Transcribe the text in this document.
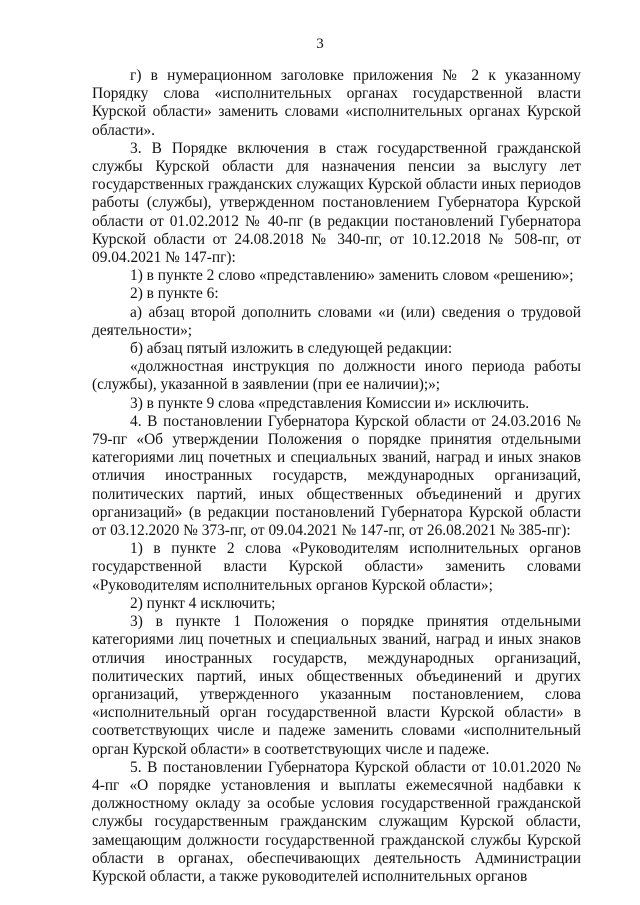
3

г) в нумерационном заголовке приложения № 2 к указанному Порядку слова «исполнительных органах государственной власти Курской области» заменить словами «исполнительных органах Курской области».

3. В Порядке включения в стаж государственной гражданской службы Курской области для назначения пенсии за выслугу лет государственных гражданских служащих Курской области иных периодов работы (службы), утвержденном постановлением Губернатора Курской области от 01.02.2012 № 40-пг (в редакции постановлений Губернатора Курской области от 24.08.2018 № 340-пг, от 10.12.2018 № 508-пг, от 09.04.2021 № 147-пг):

1) в пункте 2 слово «представлению» заменить словом «решению»;

2) в пункте 6:

а) абзац второй дополнить словами «и (или) сведения о трудовой деятельности»;

б) абзац пятый изложить в следующей редакции:

«должностная инструкция по должности иного периода работы (службы), указанной в заявлении (при ее наличии);»;

3) в пункте 9 слова «представления Комиссии и» исключить.

4. В постановлении Губернатора Курской области от 24.03.2016 № 79-пг «Об утверждении Положения о порядке принятия отдельными категориями лиц почетных и специальных званий, наград и иных знаков отличия иностранных государств, международных организаций, политических партий, иных общественных объединений и других организаций» (в редакции постановлений Губернатора Курской области от 03.12.2020 № 373-пг, от 09.04.2021 № 147-пг, от 26.08.2021 № 385-пг):

1) в пункте 2 слова «Руководителям исполнительных органов государственной власти Курской области» заменить словами «Руководителям исполнительных органов Курской области»;

2) пункт 4 исключить;

3) в пункте 1 Положения о порядке принятия отдельными категориями лиц почетных и специальных званий, наград и иных знаков отличия иностранных государств, международных организаций, политических партий, иных общественных объединений и других организаций, утвержденного указанным постановлением, слова «исполнительный орган государственной власти Курской области» в соответствующих числе и падеже заменить словами «исполнительный орган Курской области» в соответствующих числе и падеже.

5. В постановлении Губернатора Курской области от 10.01.2020 № 4-пг «О порядке установления и выплаты ежемесячной надбавки к должностному окладу за особые условия государственной гражданской службы государственным гражданским служащим Курской области, замещающим должности государственной гражданской службы Курской области в органах, обеспечивающих деятельность Администрации Курской области, а также руководителей исполнительных органов
